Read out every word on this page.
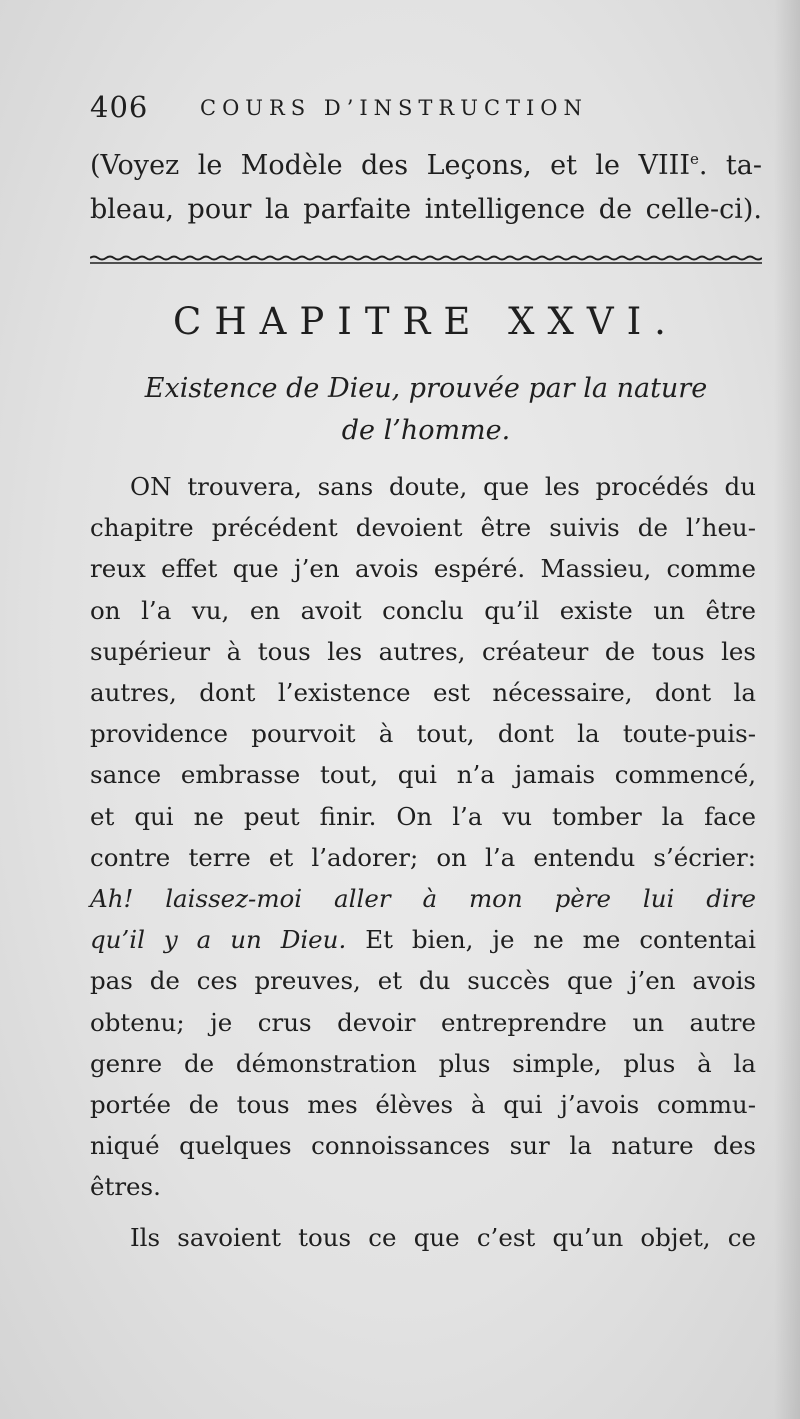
406 COURS D’INSTRUCTION
(Voyez le Modèle des Leçons, et le VIIIe. ta-
bleau, pour la parfaite intelligence de celle-ci).
CHAPITRE XXVI.
Existence de Dieu, prouvée par la nature
de l’homme.
ON trouvera, sans doute, que les procédés du
chapitre précédent devoient être suivis de l’heu-
reux effet que j’en avois espéré. Massieu, comme
on l’a vu, en avoit conclu qu’il existe un être
supérieur à tous les autres, créateur de tous les
autres, dont l’existence est nécessaire, dont la
providence pourvoit à tout, dont la toute-puis-
sance embrasse tout, qui n’a jamais commencé,
et qui ne peut finir. On l’a vu tomber la face
contre terre et l’adorer; on l’a entendu s’écrier:
Ah! laissez-moi aller à mon père lui dire
qu’il y a un Dieu. Et bien, je ne me contentai
pas de ces preuves, et du succès que j’en avois
obtenu; je crus devoir entreprendre un autre
genre de démonstration plus simple, plus à la
portée de tous mes élèves à qui j’avois commu-
niqué quelques connoissances sur la nature des
êtres.
Ils savoient tous ce que c’est qu’un objet, ce
